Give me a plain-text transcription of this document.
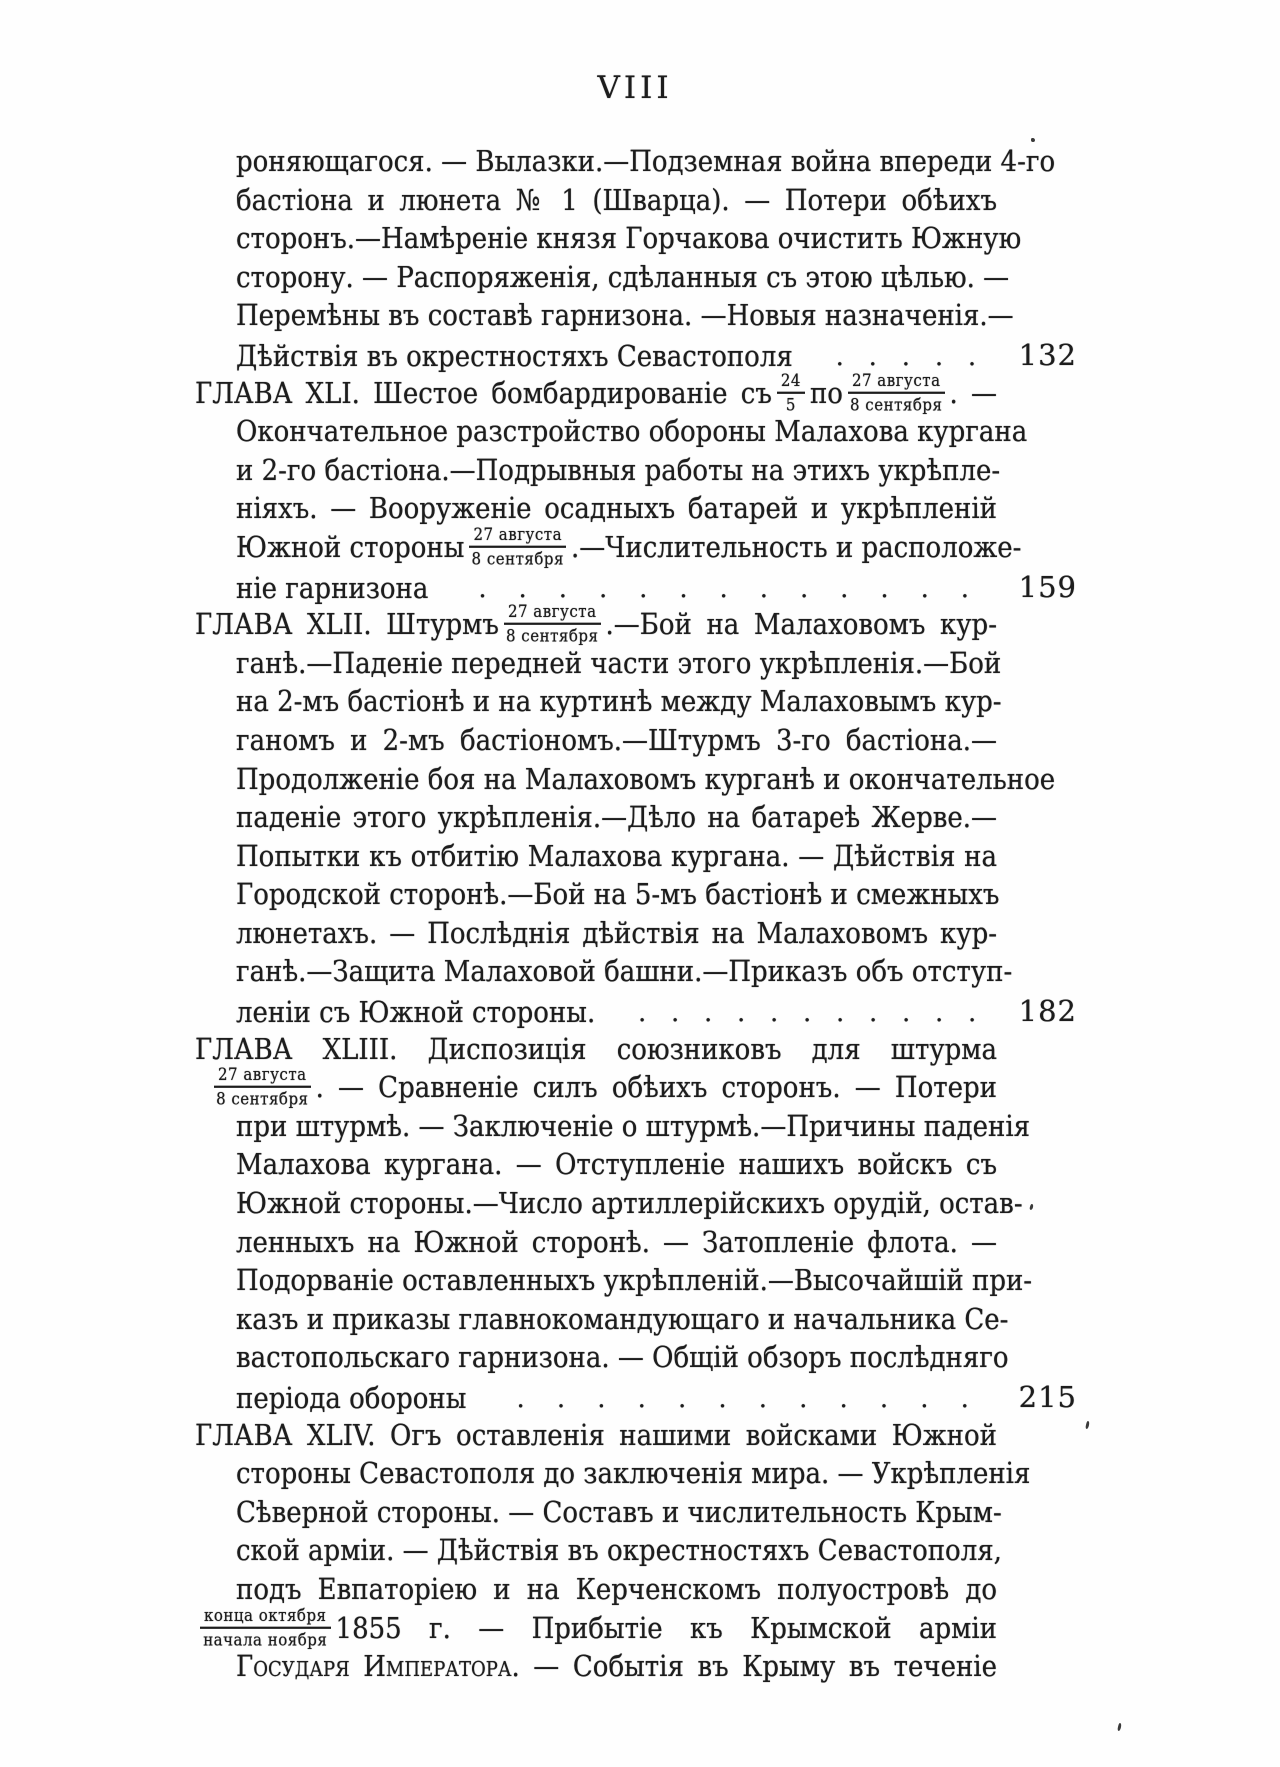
VIII
роняющагося. — Вылазки.—Подземная война впереди 4-го
бастіона и люнета № 1 (Шварца). — Потери обѣихъ
сторонъ.—Намѣреніе князя Горчакова очистить Южную
сторону. — Распоряженія, сдѣланныя съ этою цѣлью. —
Перемѣны въ составѣ гарнизона. —Новыя назначенія.—
Дѣйствія въ окрестностяхъ Севастополя . . . . . 132
ГЛАВА XLI. Шестое бомбардированіе съ $\frac{24}{5}$ по $\frac{\text{27 августа}}{\text{8 сентября}}$ . —
Окончательное разстройство обороны Малахова кургана
и 2-го бастіона.—Подрывныя работы на этихъ укрѣпле-
ніяхъ. — Вооруженіе осадныхъ батарей и укрѣпленій
Южной стороны $\frac{\text{27 августа}}{\text{8 сентября}}$ .—Числительность и расположе-
ніе гарнизона . . . . . . . . . . . . . 159
ГЛАВА XLII. Штурмъ $\frac{\text{27 августа}}{\text{8 сентября}}$ .—Бой на Малаховомъ кур-
ганѣ.—Паденіе передней части этого укрѣпленія.—Бой
на 2-мъ бастіонѣ и на куртинѣ между Малаховымъ кур-
ганомъ и 2-мъ бастіономъ.—Штурмъ 3-го бастіона.—
Продолженіе боя на Малаховомъ курганѣ и окончательное
паденіе этого укрѣпленія.—Дѣло на батареѣ Жерве.—
Попытки къ отбитію Малахова кургана. — Дѣйствія на
Городской сторонѣ.—Бой на 5-мъ бастіонѣ и смежныхъ
люнетахъ. — Послѣднія дѣйствія на Малаховомъ кур-
ганѣ.—Защита Малаховой башни.—Приказъ объ отступ-
леніи съ Южной стороны. . . . . . . . . . . . 182
ГЛАВА XLIII. Диспозиція союзниковъ для штурма
$\frac{\text{27 августа}}{\text{8 сентября}}$ . — Сравненіе силъ обѣихъ сторонъ. — Потери
при штурмѣ. — Заключеніе о штурмѣ.—Причины паденія
Малахова кургана. — Отступленіе нашихъ войскъ съ
Южной стороны.—Число артиллерійскихъ орудій, остав-
ленныхъ на Южной сторонѣ. — Затопленіе флота. —
Подорваніе оставленныхъ укрѣпленій.—Высочайшій при-
казъ и приказы главнокомандующаго и начальника Се-
вастопольскаго гарнизона. — Общій обзоръ послѣдняго
періода обороны . . . . . . . . . . . . 215
ГЛАВА XLIV. Огъ оставленія нашими войсками Южной
стороны Севастополя до заключенія мира. — Укрѣпленія
Сѣверной стороны. — Составъ и числительность Крым-
ской арміи. — Дѣйствія въ окрестностяхъ Севастополя,
подъ Евпаторіею и на Керченскомъ полуостровѣ до
$\frac{\text{конца октября}}{\text{начала ноября}} 1855$ г. — Прибытіе къ Крымской арміи
Государя Императора. — Событія въ Крыму въ теченіе
